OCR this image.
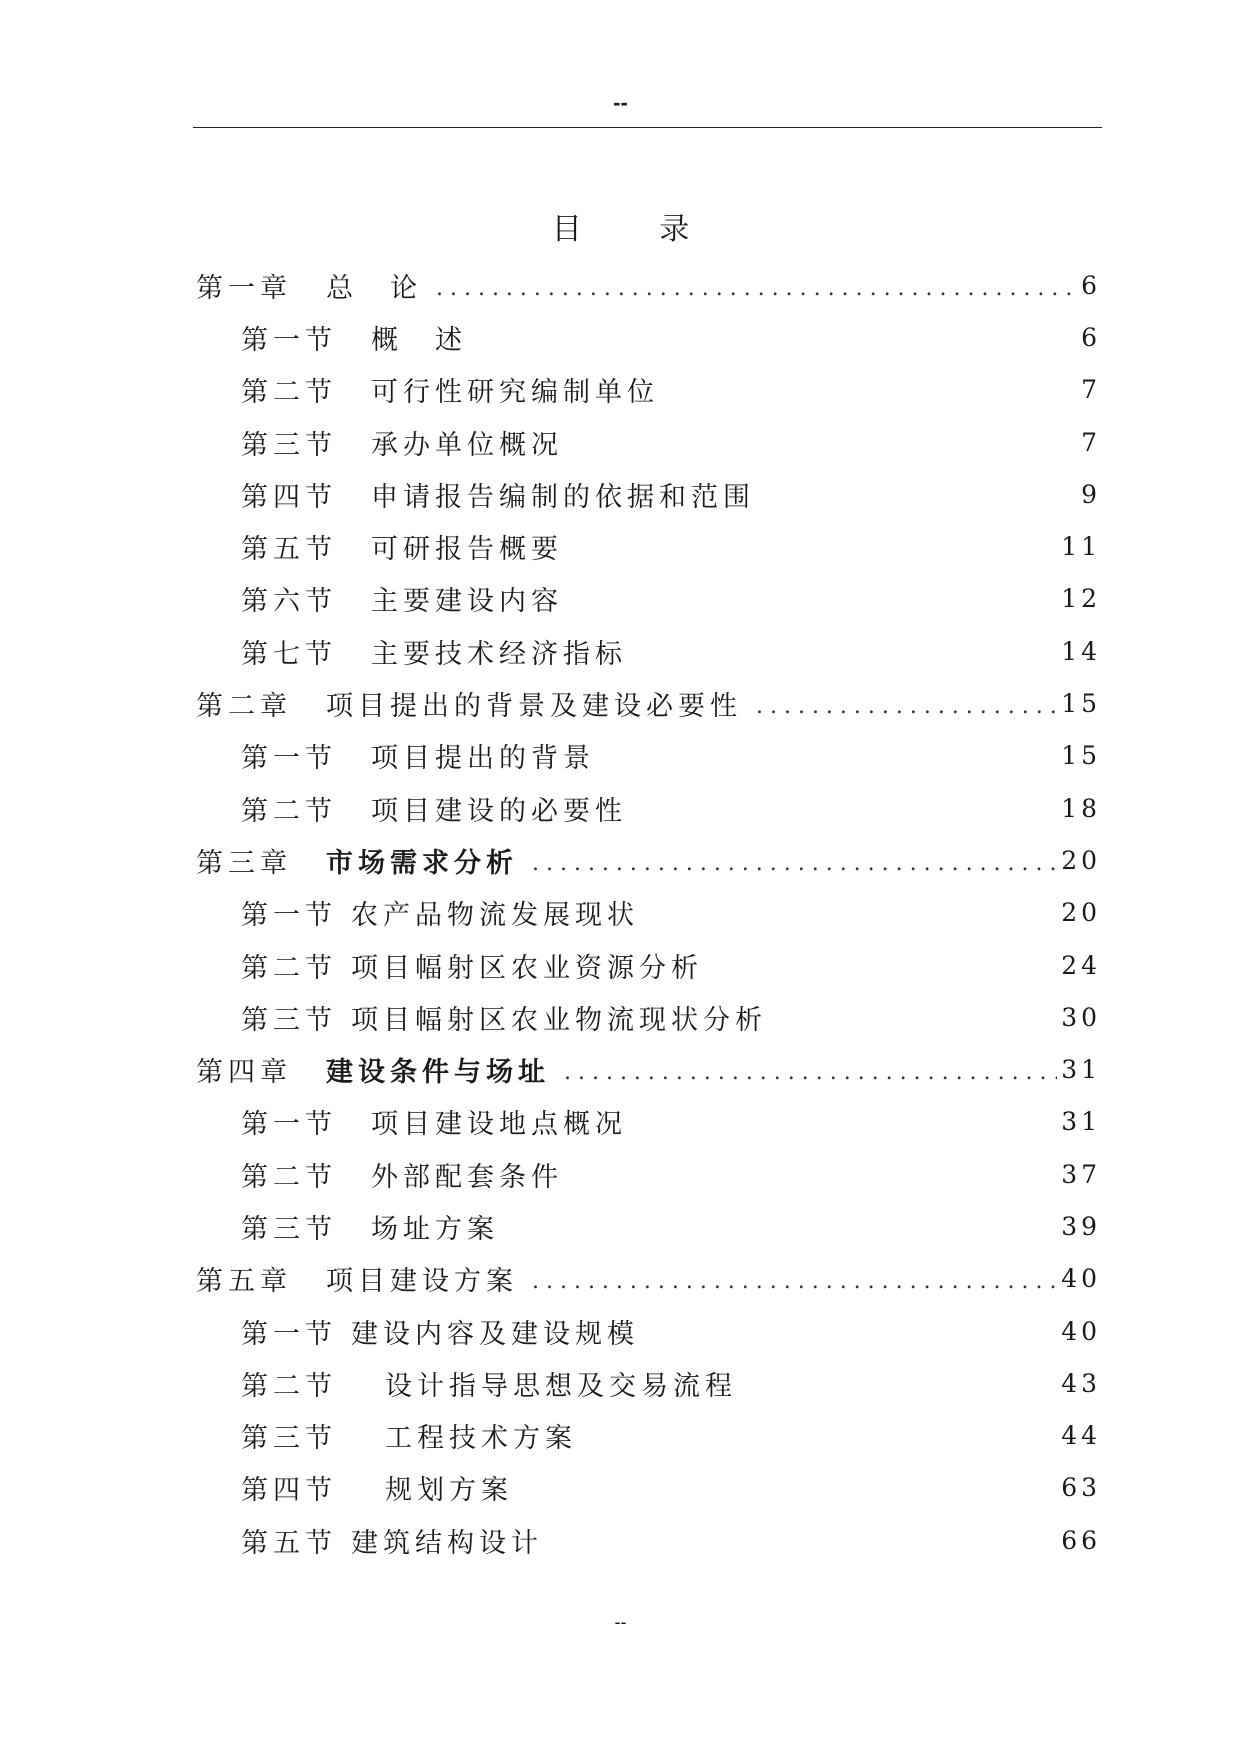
--
目 录
第一章 总　论 . . .	6
第一节 概　述	6
第二节 可行性研究编制单位	7
第三节 承办单位概况	7
第四节 申请报告编制的依据和范围	9
第五节 可研报告概要	11
第六节 主要建设内容	12
第七节 主要技术经济指标	14
第二章 项目提出的背景及建设必要性 . . .	15
第一节 项目提出的背景	15
第二节 项目建设的必要性	18
第三章 市场需求分析 . . .	20
第一节 农产品物流发展现状	20
第二节 项目幅射区农业资源分析	24
第三节 项目幅射区农业物流现状分析	30
第四章 建设条件与场址 . . .	31
第一节 项目建设地点概况	31
第二节 外部配套条件	37
第三节 场址方案	39
第五章 项目建设方案 . . .	40
第一节 建设内容及建设规模	40
第二节 设计指导思想及交易流程	43
第三节 工程技术方案	44
第四节 规划方案	63
第五节 建筑结构设计	66
--
